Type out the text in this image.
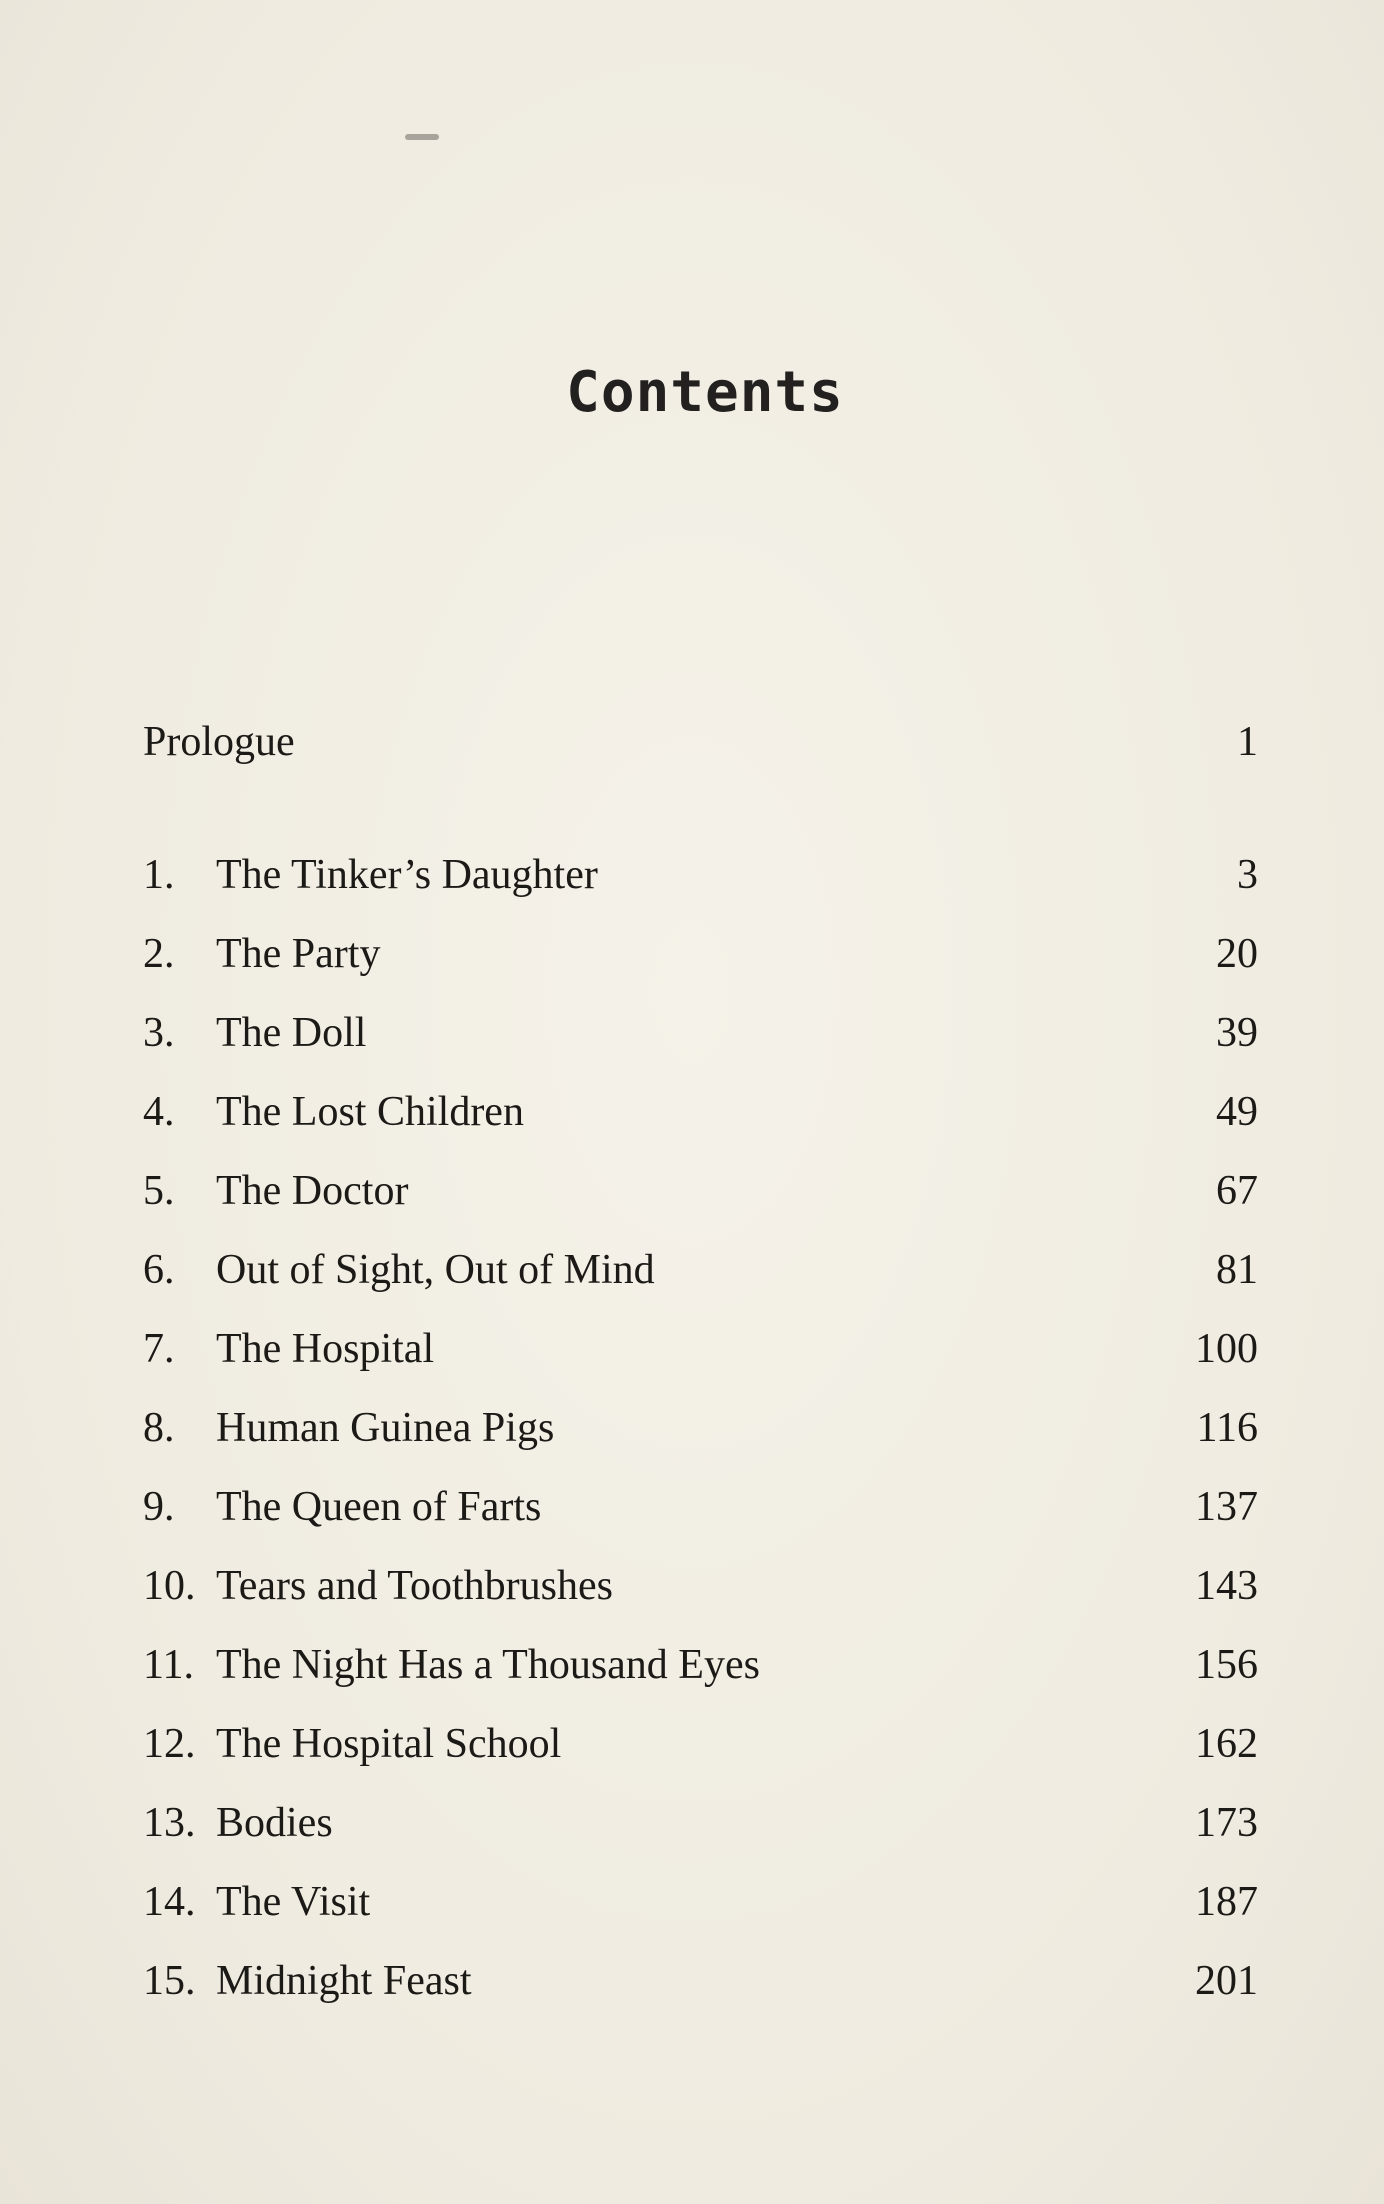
Contents
Prologue	1
1. The Tinker’s Daughter	3
2. The Party	20
3. The Doll	39
4. The Lost Children	49
5. The Doctor	67
6. Out of Sight, Out of Mind	81
7. The Hospital	100
8. Human Guinea Pigs	116
9. The Queen of Farts	137
10. Tears and Toothbrushes	143
11. The Night Has a Thousand Eyes	156
12. The Hospital School	162
13. Bodies	173
14. The Visit	187
15. Midnight Feast	201
